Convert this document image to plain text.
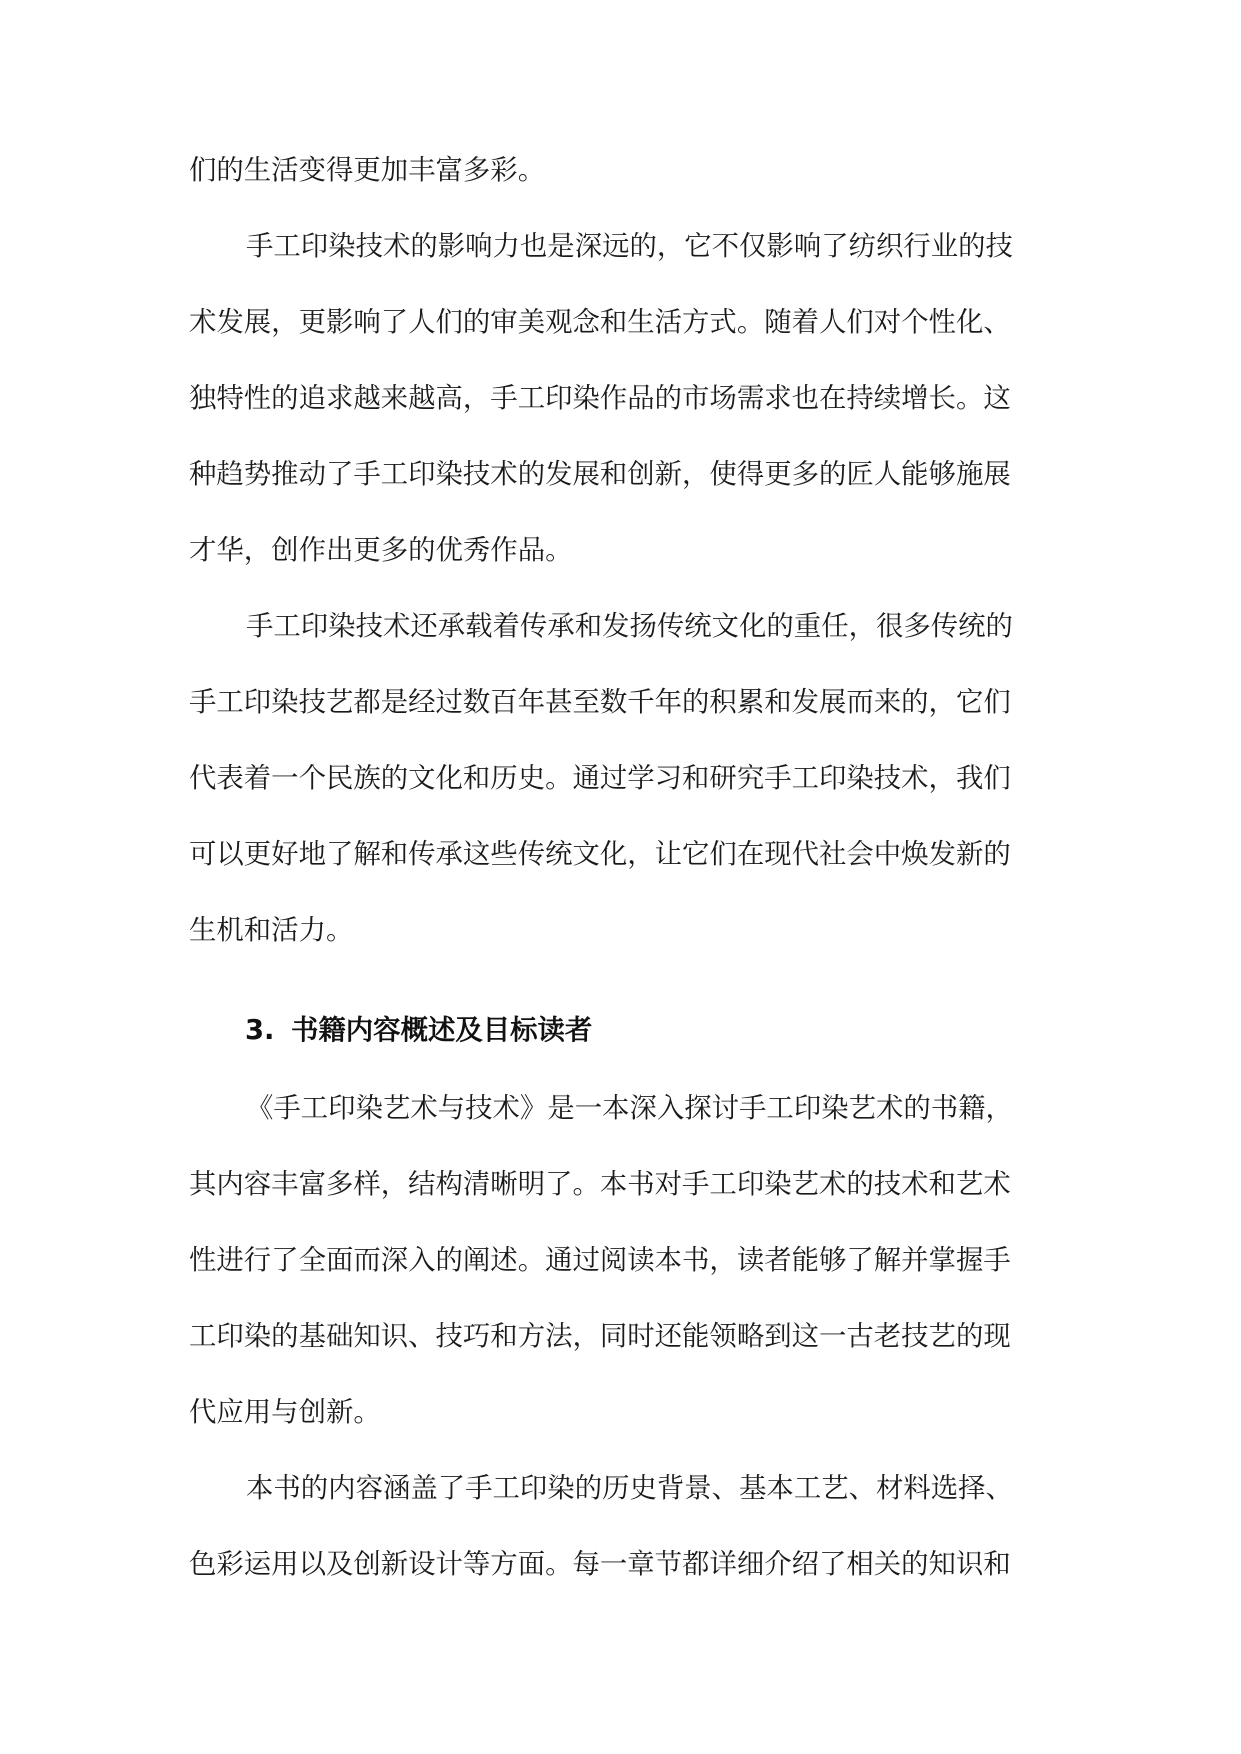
们的生活变得更加丰富多彩。
手工印染技术的影响力也是深远的，它不仅影响了纺织行业的技
术发展，更影响了人们的审美观念和生活方式。随着人们对个性化、
独特性的追求越来越高，手工印染作品的市场需求也在持续增长。这
种趋势推动了手工印染技术的发展和创新，使得更多的匠人能够施展
才华，创作出更多的优秀作品。
手工印染技术还承载着传承和发扬传统文化的重任，很多传统的
手工印染技艺都是经过数百年甚至数千年的积累和发展而来的，它们
代表着一个民族的文化和历史。通过学习和研究手工印染技术，我们
可以更好地了解和传承这些传统文化，让它们在现代社会中焕发新的
生机和活力。
3. 书籍内容概述及目标读者
《手工印染艺术与技术》是一本深入探讨手工印染艺术的书籍，
其内容丰富多样，结构清晰明了。本书对手工印染艺术的技术和艺术
性进行了全面而深入的阐述。通过阅读本书，读者能够了解并掌握手
工印染的基础知识、技巧和方法，同时还能领略到这一古老技艺的现
代应用与创新。
本书的内容涵盖了手工印染的历史背景、基本工艺、材料选择、
色彩运用以及创新设计等方面。每一章节都详细介绍了相关的知识和
